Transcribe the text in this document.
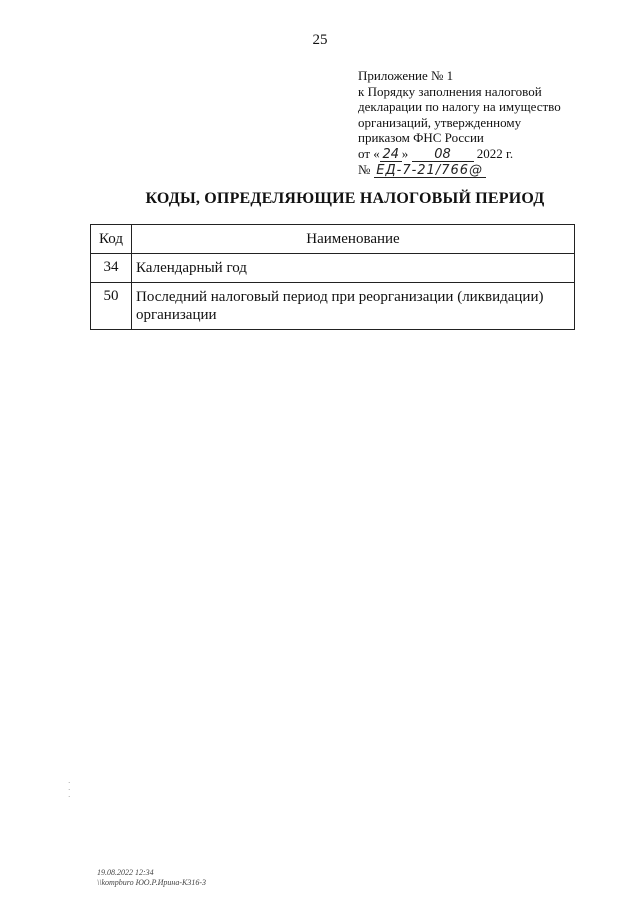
25
Приложение № 1
к Порядку заполнения налоговой
декларации по налогу на имущество
организаций, утвержденному
приказом ФНС России
от « 24 » 08 2022 г.
№ ЕД-7-21/766@
КОДЫ, ОПРЕДЕЛЯЮЩИЕ НАЛОГОВЫЙ ПЕРИОД
Код	Наименование
34	Календарный год
50	Последний налоговый период при реорганизации (ликвидации) организации
·
·
·
19.08.2022 12:34
\\kompburo ЮО.Р.Ирина-К316-3
